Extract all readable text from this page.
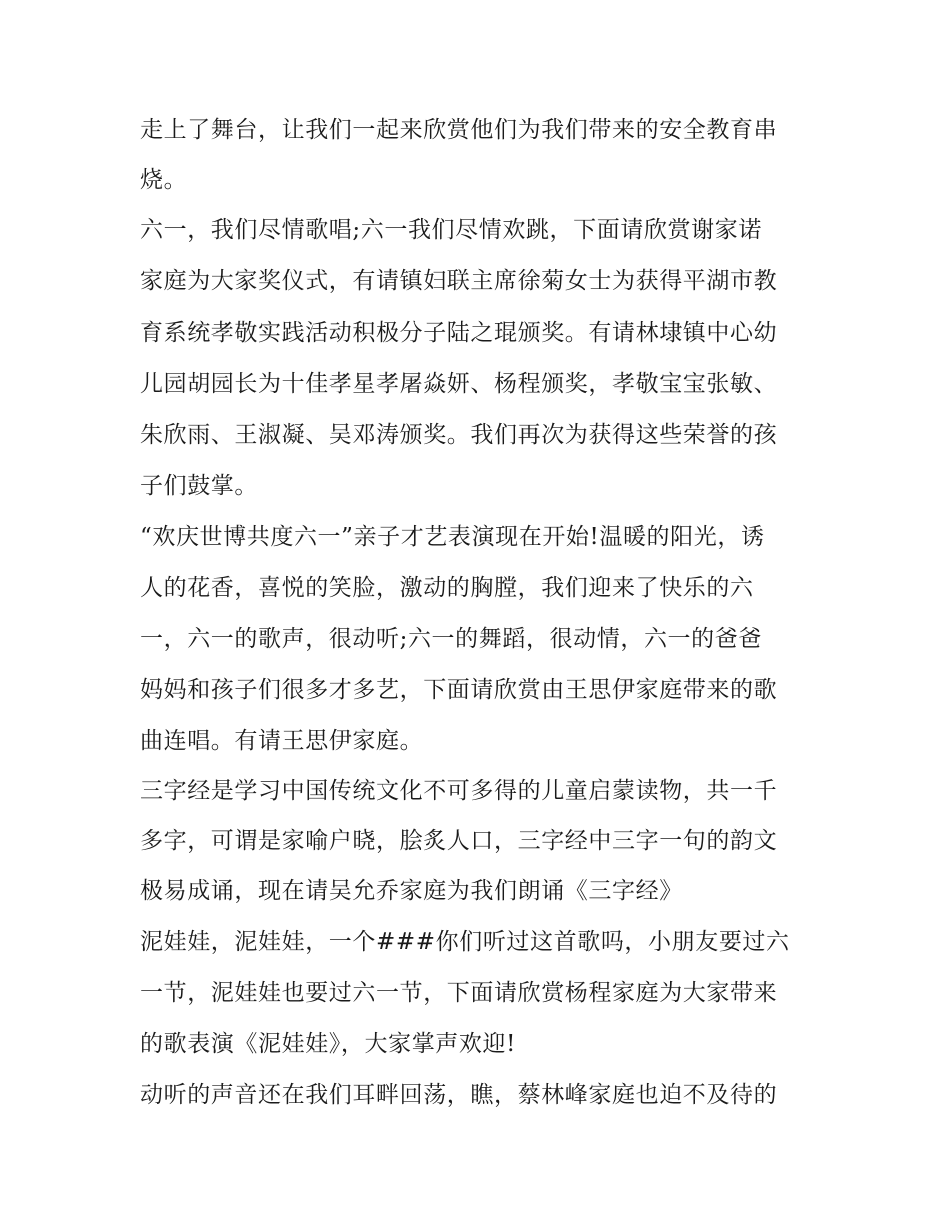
走上了舞台，让我们一起来欣赏他们为我们带来的安全教育串
烧。
六一，我们尽情歌唱;六一我们尽情欢跳，下面请欣赏谢家诺
家庭为大家奖仪式，有请镇妇联主席徐菊女士为获得平湖市教
育系统孝敬实践活动积极分子陆之琨颁奖。有请林埭镇中心幼
儿园胡园长为十佳孝星孝屠焱妍、杨程颁奖，孝敬宝宝张敏、
朱欣雨、王淑凝、吴邓涛颁奖。我们再次为获得这些荣誉的孩
子们鼓掌。
“欢庆世博共度六一”亲子才艺表演现在开始!温暖的阳光，诱
人的花香，喜悦的笑脸，激动的胸膛，我们迎来了快乐的六
一，六一的歌声，很动听;六一的舞蹈，很动情，六一的爸爸
妈妈和孩子们很多才多艺，下面请欣赏由王思伊家庭带来的歌
曲连唱。有请王思伊家庭。
三字经是学习中国传统文化不可多得的儿童启蒙读物，共一千
多字，可谓是家喻户晓，脍炙人口，三字经中三字一句的韵文
极易成诵，现在请吴允乔家庭为我们朗诵《三字经》
泥娃娃，泥娃娃，一个###你们听过这首歌吗，小朋友要过六
一节，泥娃娃也要过六一节，下面请欣赏杨程家庭为大家带来
的歌表演《泥娃娃》，大家掌声欢迎!
动听的声音还在我们耳畔回荡，瞧，蔡林峰家庭也迫不及待的
